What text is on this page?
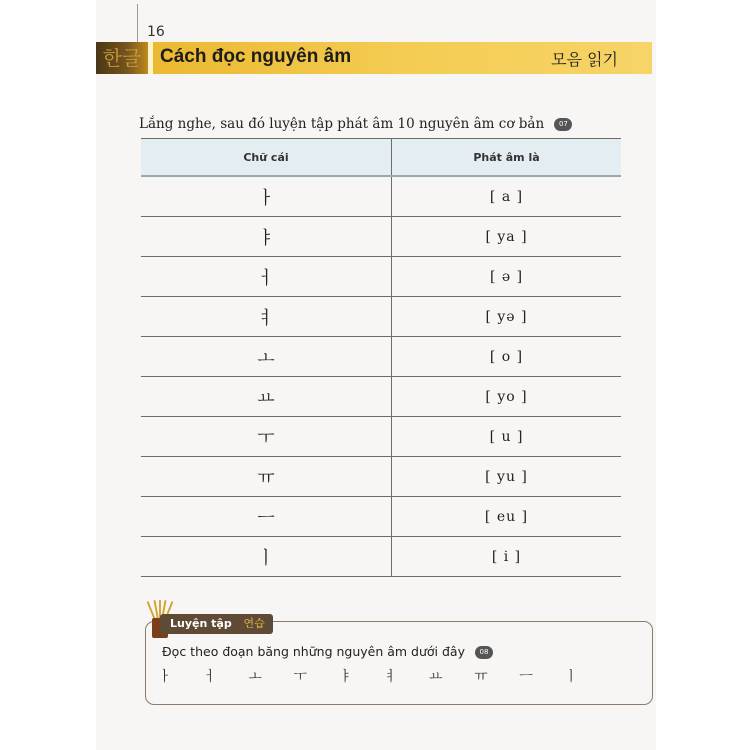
16
한글 Cách đọc nguyên âm	모음 읽기
Lắng nghe, sau đó luyện tập phát âm 10 nguyên âm cơ bản 07
Chữ cái	Phát âm là
ㅏ	[ a ]
ㅑ	[ ya ]
ㅓ	[ ə ]
ㅕ	[ yə ]
ㅗ	[ o ]
ㅛ	[ yo ]
ㅜ	[ u ]
ㅠ	[ yu ]
ㅡ	[ eu ]
ㅣ	[ i ]
Luyện tập 연습
Đọc theo đoạn băng những nguyên âm dưới đây 08
ㅏ ㅓ ㅗ ㅜ ㅑ ㅕ ㅛ ㅠ ㅡ ㅣ
